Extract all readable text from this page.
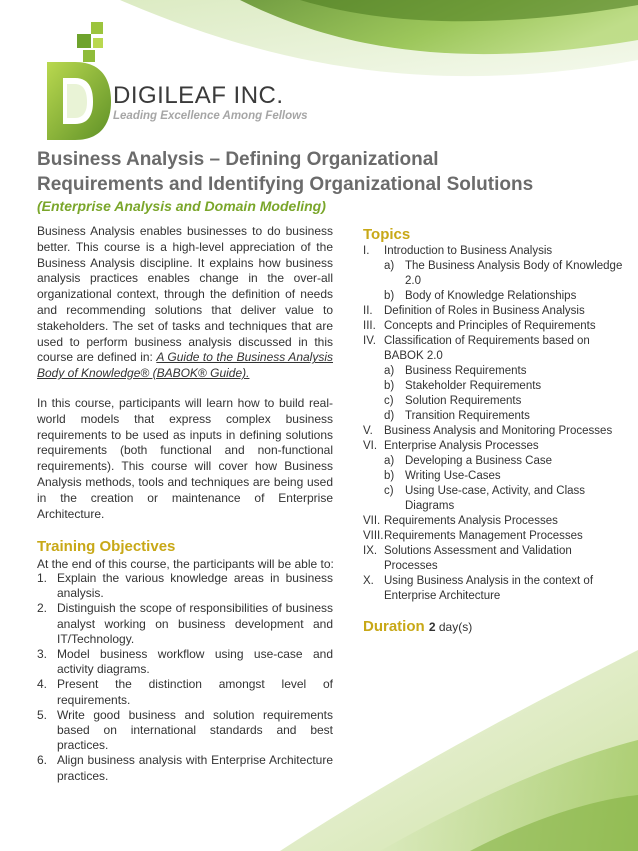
DIGILEAF INC.
Leading Excellence Among Fellows
Business Analysis – Defining Organizational
Requirements and Identifying Organizational Solutions
(Enterprise Analysis and Domain Modeling)

Business Analysis enables businesses to do business better. This course is a high-level appreciation of the Business Analysis discipline. It explains how business analysis practices enables change in the over-all organizational context, through the definition of needs and recommending solutions that deliver value to stakeholders. The set of tasks and techniques that are used to perform business analysis discussed in this course are defined in: A Guide to the Business Analysis Body of Knowledge® (BABOK® Guide).

In this course, participants will learn how to build real-world models that express complex business requirements to be used as inputs in defining solutions requirements (both functional and non-functional requirements). This course will cover how Business Analysis methods, tools and techniques are being used in the creation or maintenance of Enterprise Architecture.

Training Objectives
At the end of this course, the participants will be able to:
1. Explain the various knowledge areas in business analysis.
2. Distinguish the scope of responsibilities of business analyst working on business development and IT/Technology.
3. Model business workflow using use-case and activity diagrams.
4. Present the distinction amongst level of requirements.
5. Write good business and solution requirements based on international standards and best practices.
6. Align business analysis with Enterprise Architecture practices.
Topics
I.	Introduction to Business Analysis
a) The Business Analysis Body of Knowledge 2.0
b) Body of Knowledge Relationships
II. Definition of Roles in Business Analysis
III. Concepts and Principles of Requirements
IV. Classification of Requirements based on BABOK 2.0
a) Business Requirements
b) Stakeholder Requirements
c) Solution Requirements
d) Transition Requirements
V. Business Analysis and Monitoring Processes
VI. Enterprise Analysis Processes
a) Developing a Business Case
b) Writing Use-Cases
c) Using Use-case, Activity, and Class Diagrams
VII. Requirements Analysis Processes
VIII. Requirements Management Processes
IX. Solutions Assessment and Validation Processes
X. Using Business Analysis in the context of Enterprise Architecture
Duration 2 day(s)
